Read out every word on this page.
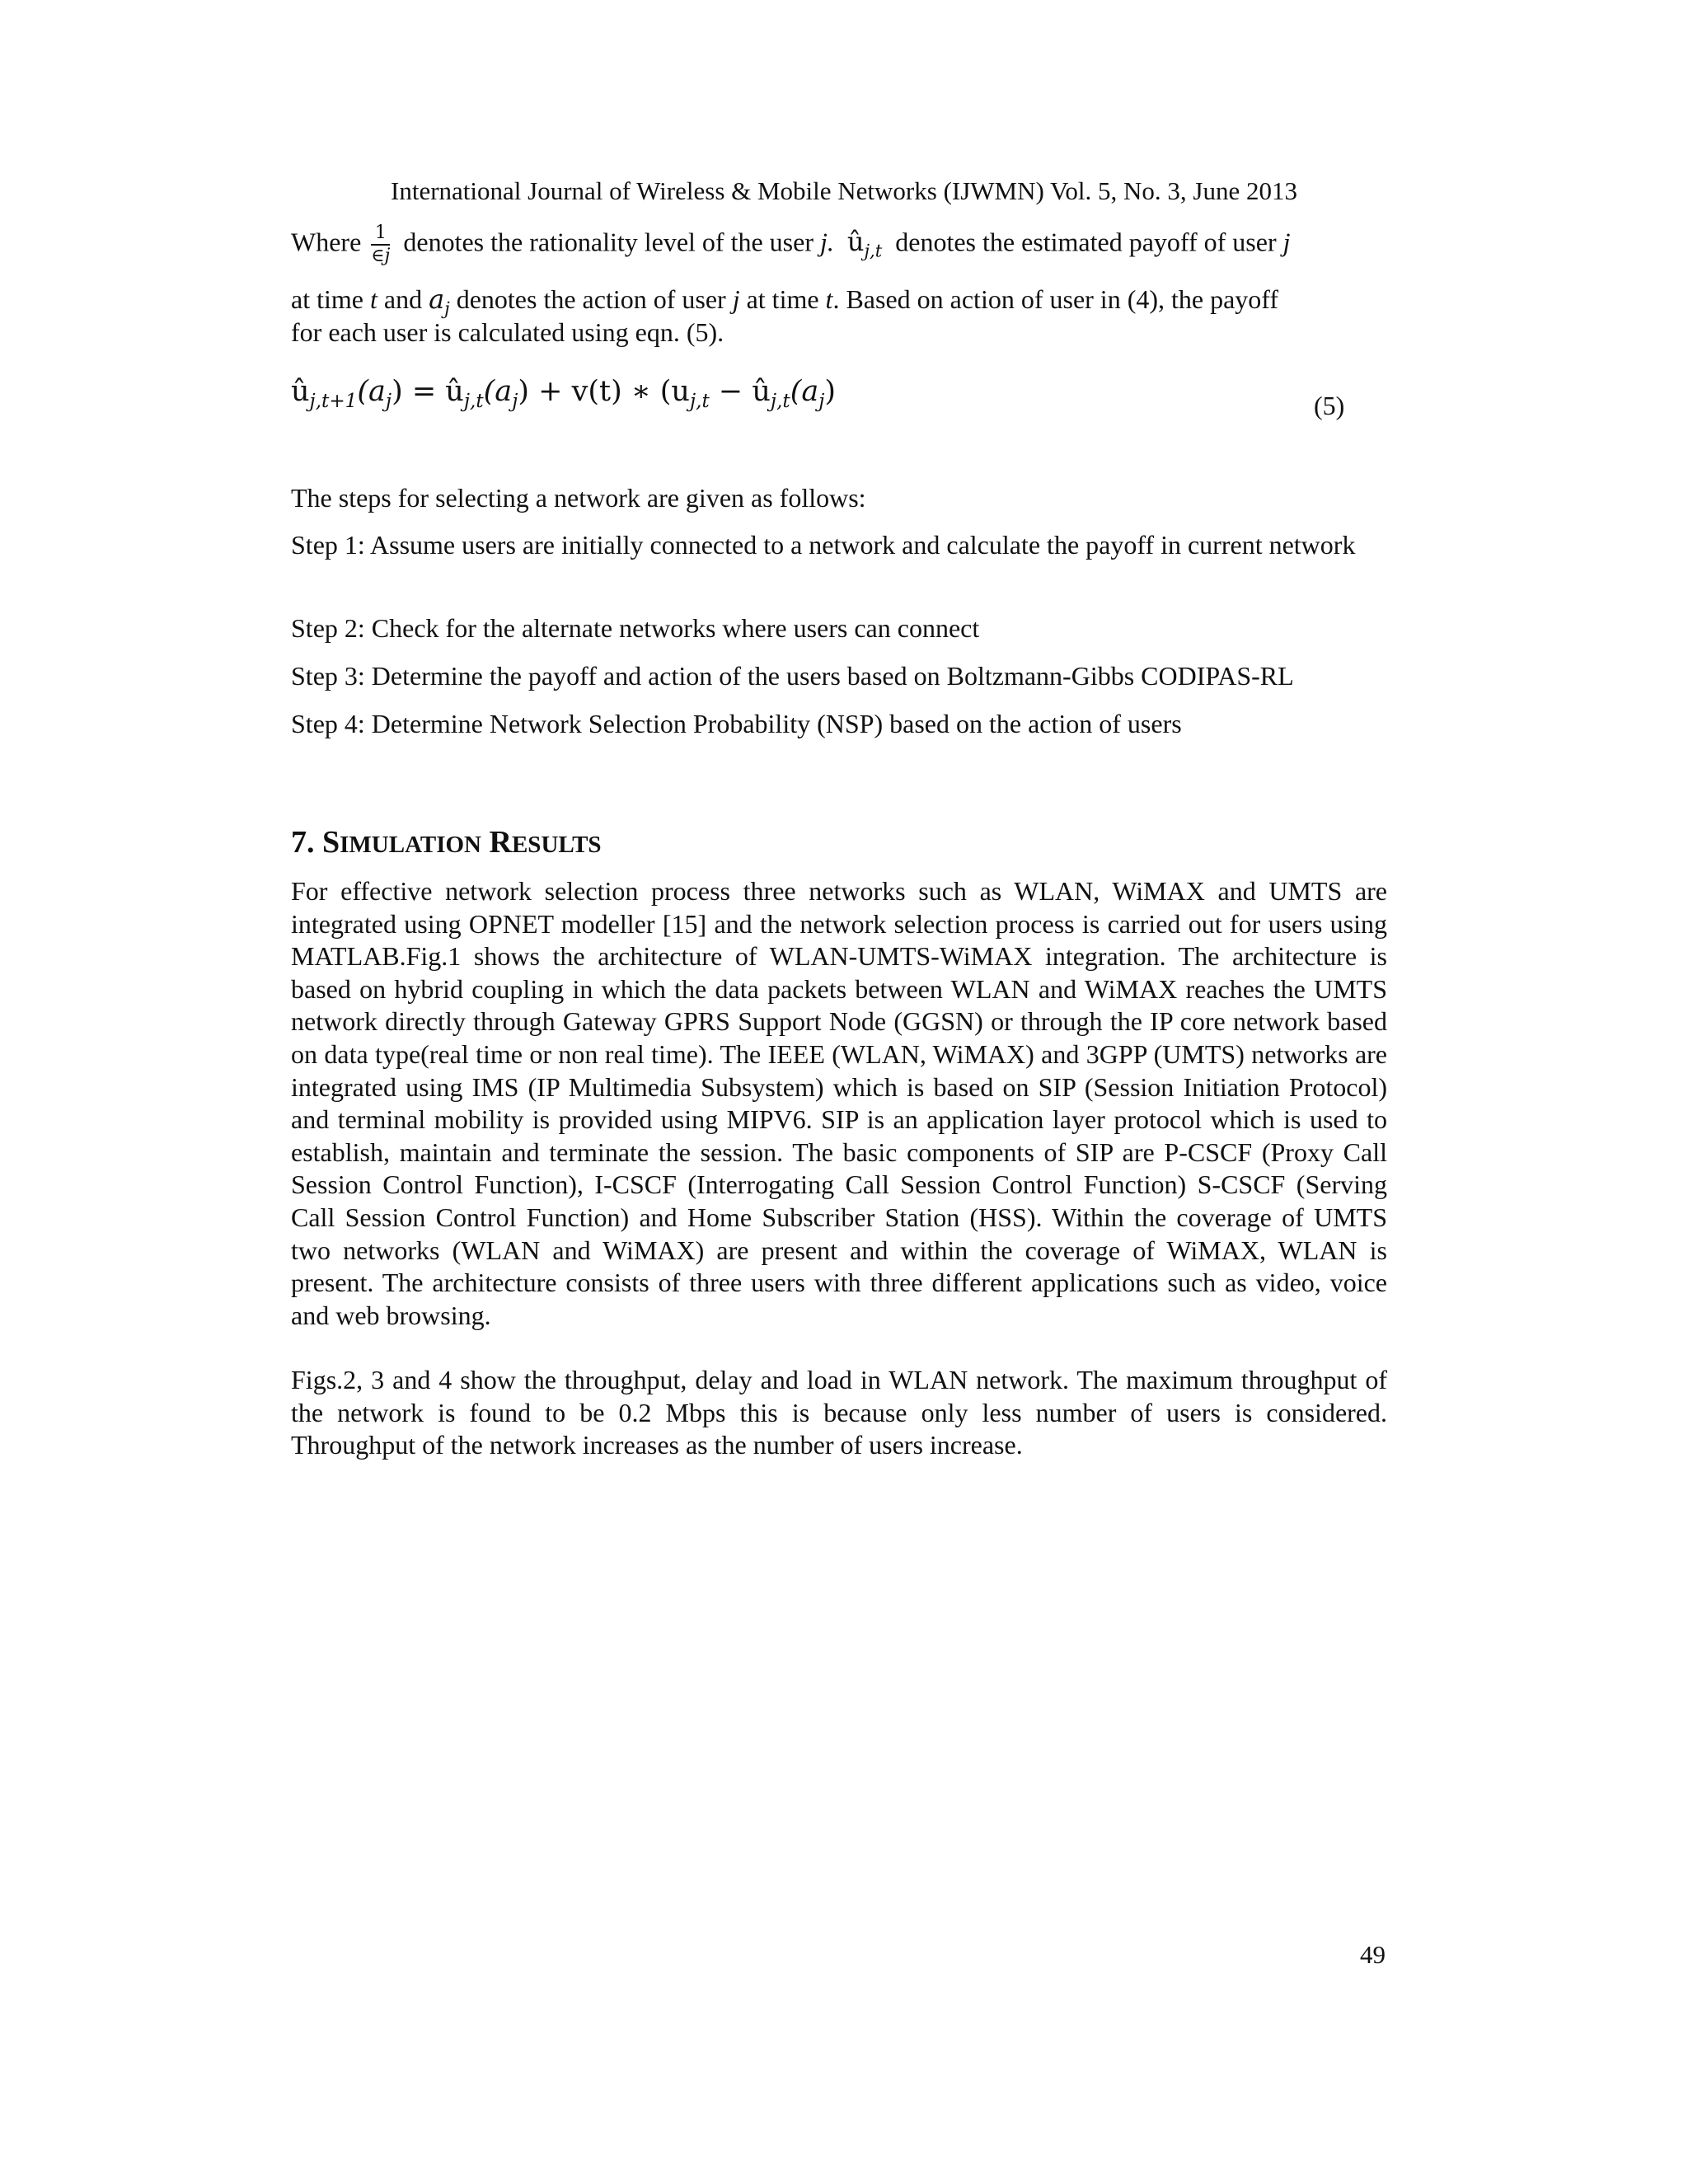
International Journal of Wireless & Mobile Networks (IJWMN) Vol. 5, No. 3, June 2013
Where $\frac{1}{\in j}$ denotes the rationality level of the user j. $û_{j,t}$ denotes the estimated payoff of user j
at time t and $a_j$ denotes the action of user j at time t. Based on action of user in (4), the payoff
for each user is calculated using eqn. (5).
$û_{j,t+1}(a_j)$ = $û_{j,t}(a_j) + v(t)$ ∗ ($u_{j,t}$ − $û_{j,t}(a_j)$	(5)
The steps for selecting a network are given as follows:

Step 1: Assume users are initially connected to a network and calculate the payoff in current network

Step 2: Check for the alternate networks where users can connect

Step 3: Determine the payoff and action of the users based on Boltzmann-Gibbs CODIPAS-RL

Step 4: Determine Network Selection Probability (NSP) based on the action of users

7. SIMULATION RESULTS

For effective network selection process three networks such as WLAN, WiMAX and UMTS are integrated using OPNET modeller [15] and the network selection process is carried out for users using MATLAB.Fig.1 shows the architecture of WLAN-UMTS-WiMAX integration. The architecture is based on hybrid coupling in which the data packets between WLAN and WiMAX reaches the UMTS network directly through Gateway GPRS Support Node (GGSN) or through the IP core network based on data type(real time or non real time). The IEEE (WLAN, WiMAX) and 3GPP (UMTS) networks are integrated using IMS (IP Multimedia Subsystem) which is based on SIP (Session Initiation Protocol) and terminal mobility is provided using MIPV6. SIP is an application layer protocol which is used to establish, maintain and terminate the session. The basic components of SIP are P-CSCF (Proxy Call Session Control Function), I-CSCF (Interrogating Call Session Control Function) S-CSCF (Serving Call Session Control Function) and Home Subscriber Station (HSS). Within the coverage of UMTS two networks (WLAN and WiMAX) are present and within the coverage of WiMAX, WLAN is present. The architecture consists of three users with three different applications such as video, voice and web browsing.

Figs.2, 3 and 4 show the throughput, delay and load in WLAN network. The maximum throughput of the network is found to be 0.2 Mbps this is because only less number of users is considered. Throughput of the network increases as the number of users increase.

49
